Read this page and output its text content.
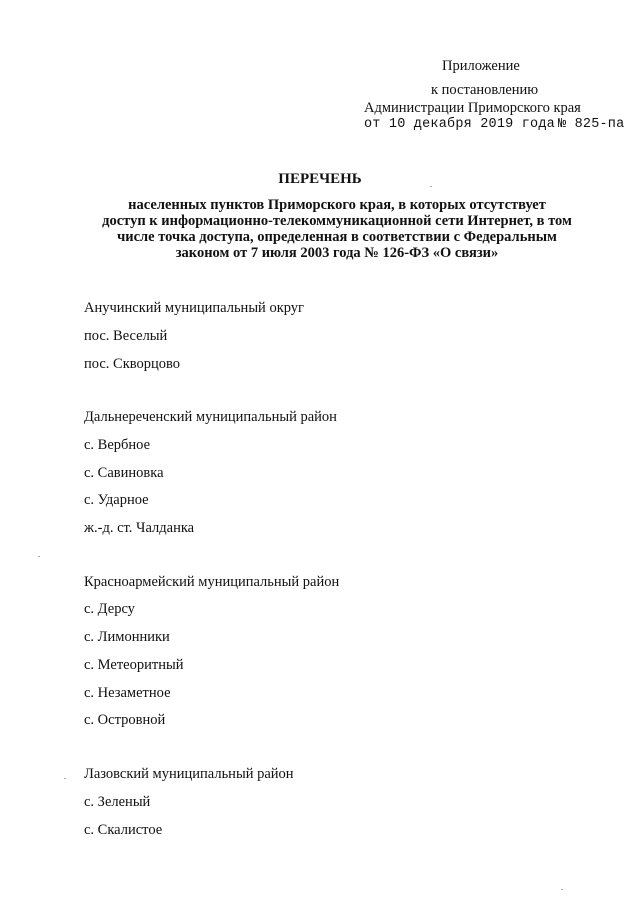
Приложение
к постановлению
Администрации Приморского края
от 10 декабря 2019 года № 825-па
ПЕРЕЧЕНЬ
населенных пунктов Приморского края, в которых отсутствует
доступ к информационно-телекоммуникационной сети Интернет, в том
числе точка доступа, определенная в соответствии с Федеральным
законом от 7 июля 2003 года № 126-ФЗ «О связи»
Анучинский муниципальный округ
пос. Веселый
пос. Скворцово
Дальнереченский муниципальный район
с. Вербное
с. Савиновка
с. Ударное
ж.-д. ст. Чалданка
Красноармейский муниципальный район
с. Дерсу
с. Лимонники
с. Метеоритный
с. Незаметное
с. Островной
Лазовский муниципальный район
с. Зеленый
с. Скалистое
